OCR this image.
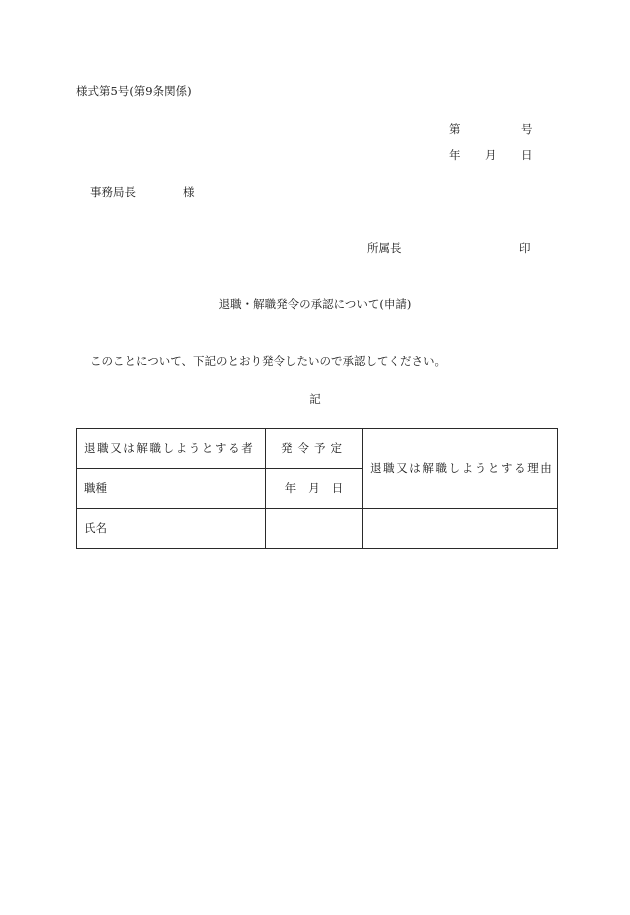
様式第5号(第9条関係)
第	号
年 月 日
事務局長	様
所属長	印
退職・解職発令の承認について(申請)
このことについて、下記のとおり発令したいので承認してください。
記
退職又は解職しようとする者	発令予定	退職又は解職しようとする理由
職種	年 月 日	
氏名		
